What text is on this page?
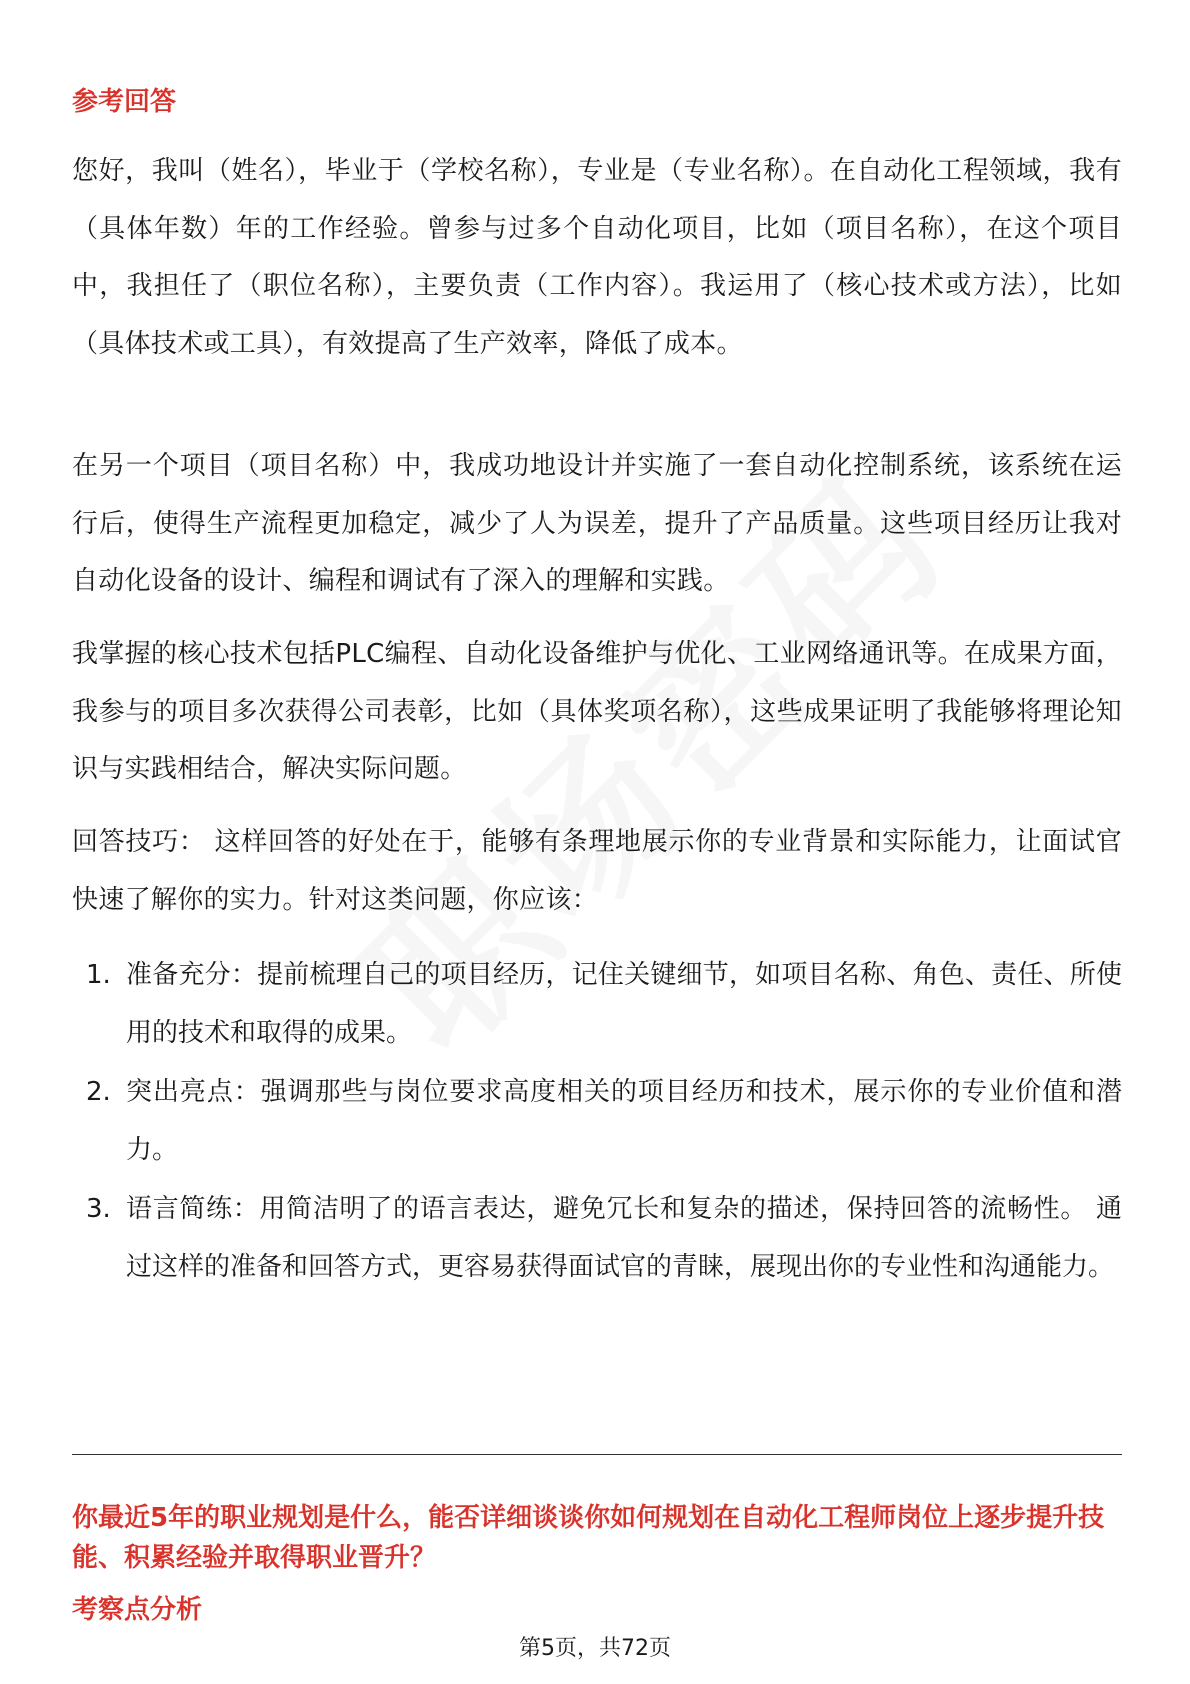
参考回答

您好，我叫（姓名），毕业于（学校名称），专业是（专业名称）。在自动化工程领域，我有（具体年数）年的工作经验。曾参与过多个自动化项目，比如（项目名称），在这个项目中，我担任了（职位名称），主要负责（工作内容）。我运用了（核心技术或方法），比如（具体技术或工具），有效提高了生产效率，降低了成本。

在另一个项目（项目名称）中，我成功地设计并实施了一套自动化控制系统，该系统在运行后，使得生产流程更加稳定，减少了人为误差，提升了产品质量。这些项目经历让我对自动化设备的设计、编程和调试有了深入的理解和实践。

我掌握的核心技术包括PLC编程、自动化设备维护与优化、工业网络通讯等。在成果方面，我参与的项目多次获得公司表彰，比如（具体奖项名称），这些成果证明了我能够将理论知识与实践相结合，解决实际问题。

回答技巧： 这样回答的好处在于，能够有条理地展示你的专业背景和实际能力，让面试官快速了解你的实力。针对这类问题，你应该：

1. 准备充分：提前梳理自己的项目经历，记住关键细节，如项目名称、角色、责任、所使用的技术和取得的成果。
2. 突出亮点：强调那些与岗位要求高度相关的项目经历和技术，展示你的专业价值和潜力。
3. 语言简练：用简洁明了的语言表达，避免冗长和复杂的描述，保持回答的流畅性。 通过这样的准备和回答方式，更容易获得面试官的青睐，展现出你的专业性和沟通能力。

你最近5年的职业规划是什么，能否详细谈谈你如何规划在自动化工程师岗位上逐步提升技能、积累经验并取得职业晋升？

考察点分析
第5页，共72页
